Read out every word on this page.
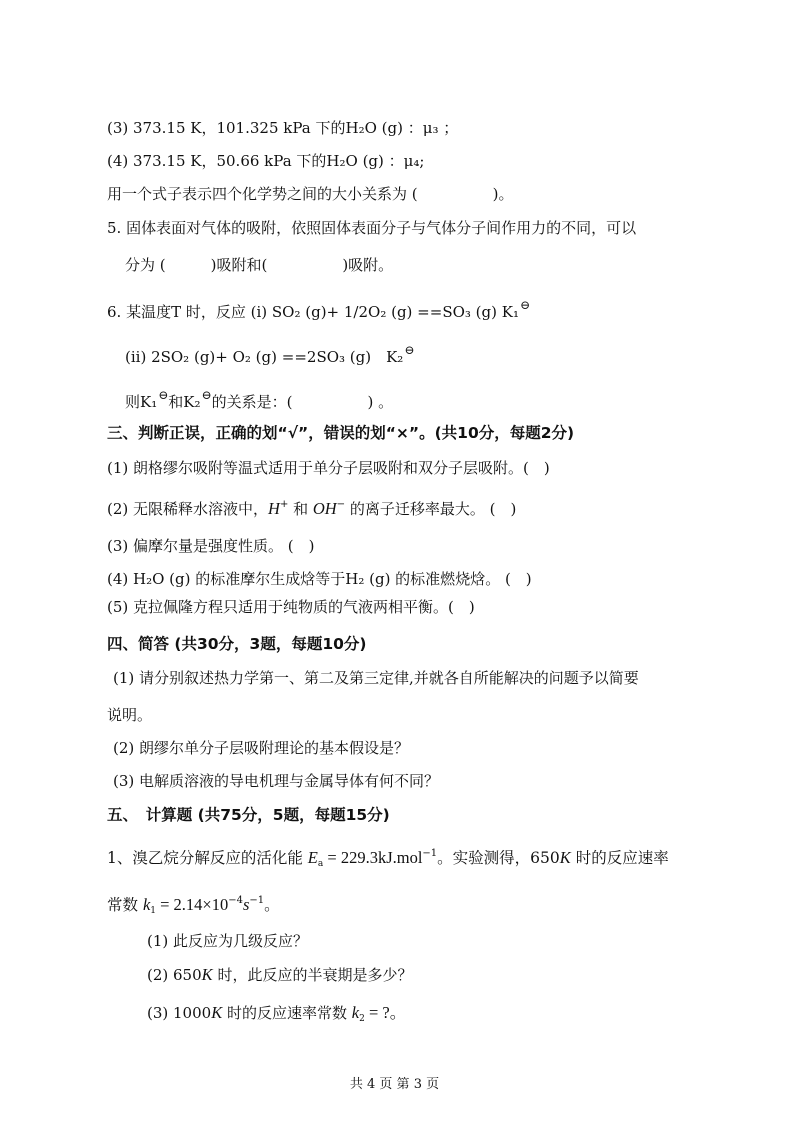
(3) 373.15 K，101.325 kPa 下的H₂O (g) ：μ₃ ；
(4) 373.15 K，50.66 kPa 下的H₂O (g) ：μ₄;
用一个式子表示四个化学势之间的大小关系为 (　　　　　)。
5. 固体表面对气体的吸附，依照固体表面分子与气体分子间作用力的不同，可以
分为 (　　　)吸附和(　　　　　)吸附。
6. 某温度T 时，反应 (i) SO₂ (g)+ 1/2O₂ (g) ==SO₃ (g) K₁⊖
(ii) 2SO₂ (g)+ O₂ (g) ==2SO₃ (g)　K₂⊖
则K₁⊖和K₂⊖的关系是：(　　　　　) 。
三、判断正误，正确的划“√”，错误的划“×”。(共10分，每题2分)
(1) 朗格缪尔吸附等温式适用于单分子层吸附和双分子层吸附。(　)
(2) 无限稀释水溶液中，H+ 和 OH− 的离子迁移率最大。 (　)
(3) 偏摩尔量是强度性质。 (　)
(4) H₂O (g) 的标准摩尔生成焓等于H₂ (g) 的标准燃烧焓。 (　)
(5) 克拉佩隆方程只适用于纯物质的气液两相平衡。(　)
四、简答 (共30分，3题，每题10分)
(1) 请分别叙述热力学第一、第二及第三定律,并就各自所能解决的问题予以简要
说明。
(2) 朗缪尔单分子层吸附理论的基本假设是？
(3) 电解质溶液的导电机理与金属导体有何不同？
五、　计算题 (共75分，5题，每题15分)
1、溴乙烷分解反应的活化能 $E_a = 229.3kJ.mol^{-1}$。实验测得，650K 时的反应速率
常数 $k_1 = 2.14\times 10^{-4}s^{-1}$。
(1) 此反应为几级反应？
(2) 650K 时，此反应的半衰期是多少？
(3) 1000K 时的反应速率常数 $k_2$ = ?。
共 4 页 第 3 页
